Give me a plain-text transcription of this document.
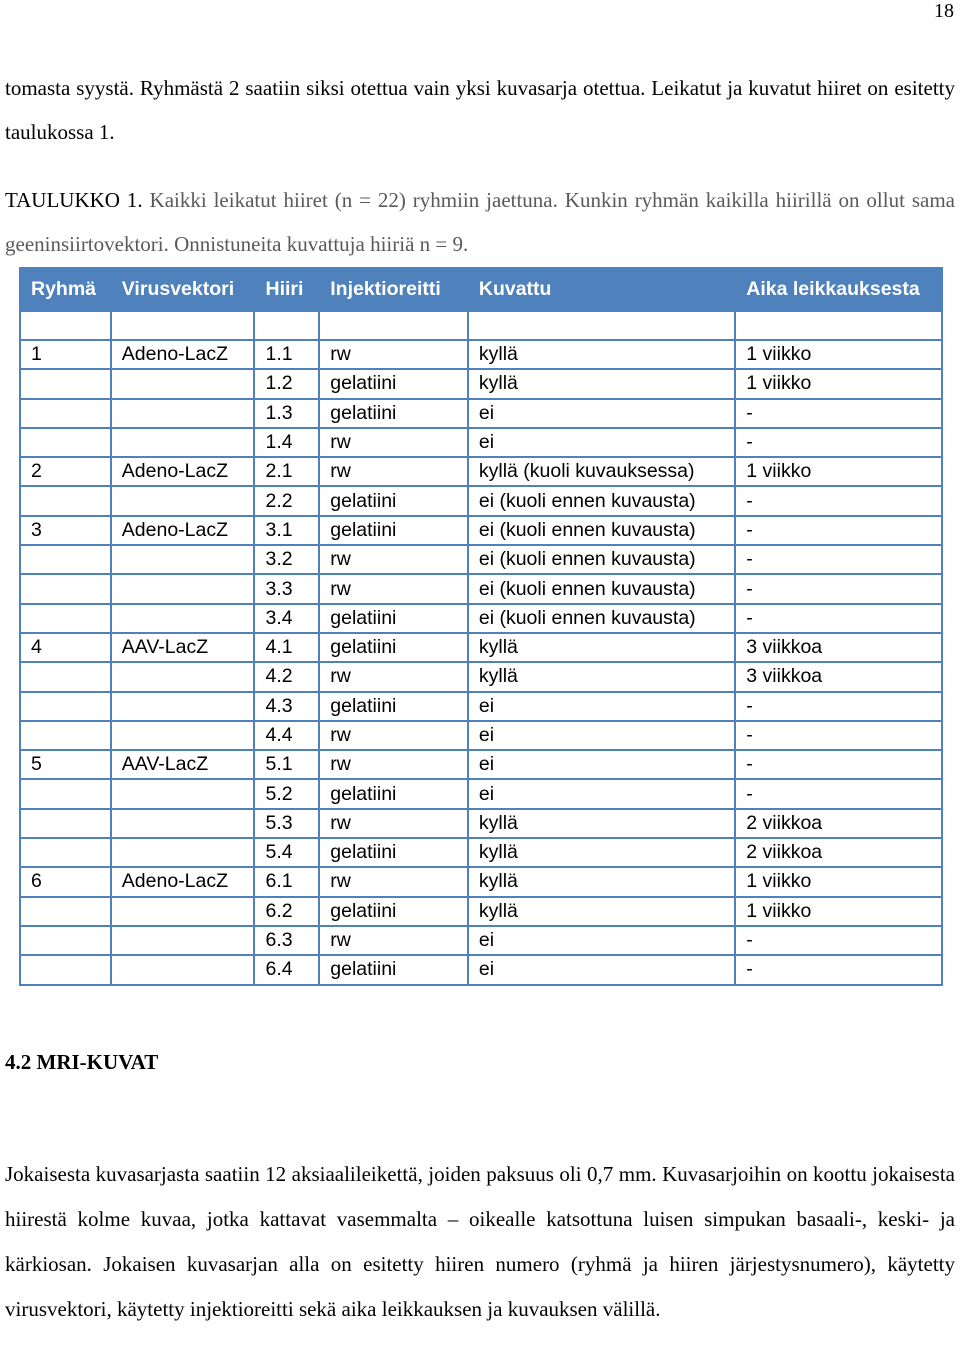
18

tomasta syystä. Ryhmästä 2 saatiin siksi otettua vain yksi kuvasarja otettua. Leikatut ja kuvatut hiiret on esitetty taulukossa 1.

TAULUKKO 1. Kaikki leikatut hiiret (n = 22) ryhmiin jaettuna. Kunkin ryhmän kaikilla hiirillä on ollut sama geeninsiirtovektori. Onnistuneita kuvattuja hiiriä n = 9.

Ryhmä	Virusvektori	Hiiri	Injektioreitti	Kuvattu	Aika leikkauksesta

1	Adeno-LacZ	1.1	rw	kyllä	1 viikko
		1.2	gelatiini	kyllä	1 viikko
		1.3	gelatiini	ei	-
		1.4	rw	ei	-
2	Adeno-LacZ	2.1	rw	kyllä (kuoli kuvauksessa)	1 viikko
		2.2	gelatiini	ei (kuoli ennen kuvausta)	-
3	Adeno-LacZ	3.1	gelatiini	ei (kuoli ennen kuvausta)	-
		3.2	rw	ei (kuoli ennen kuvausta)	-
		3.3	rw	ei (kuoli ennen kuvausta)	-
		3.4	gelatiini	ei (kuoli ennen kuvausta)	-
4	AAV-LacZ	4.1	gelatiini	kyllä	3 viikkoa
		4.2	rw	kyllä	3 viikkoa
		4.3	gelatiini	ei	-
		4.4	rw	ei	-
5	AAV-LacZ	5.1	rw	ei	-
		5.2	gelatiini	ei	-
		5.3	rw	kyllä	2 viikkoa
		5.4	gelatiini	kyllä	2 viikkoa
6	Adeno-LacZ	6.1	rw	kyllä	1 viikko
		6.2	gelatiini	kyllä	1 viikko
		6.3	rw	ei	-
		6.4	gelatiini	ei	-
4.2 MRI-KUVAT

Jokaisesta kuvasarjasta saatiin 12 aksiaalileikettä, joiden paksuus oli 0,7 mm. Kuvasarjoihin on koottu jokaisesta hiirestä kolme kuvaa, jotka kattavat vasemmalta – oikealle katsottuna luisen simpukan basaali-, keski- ja kärkiosan. Jokaisen kuvasarjan alla on esitetty hiiren numero (ryhmä ja hiiren järjestysnumero), käytetty virusvektori, käytetty injektioreitti sekä aika leikkauksen ja kuvauksen välillä.
